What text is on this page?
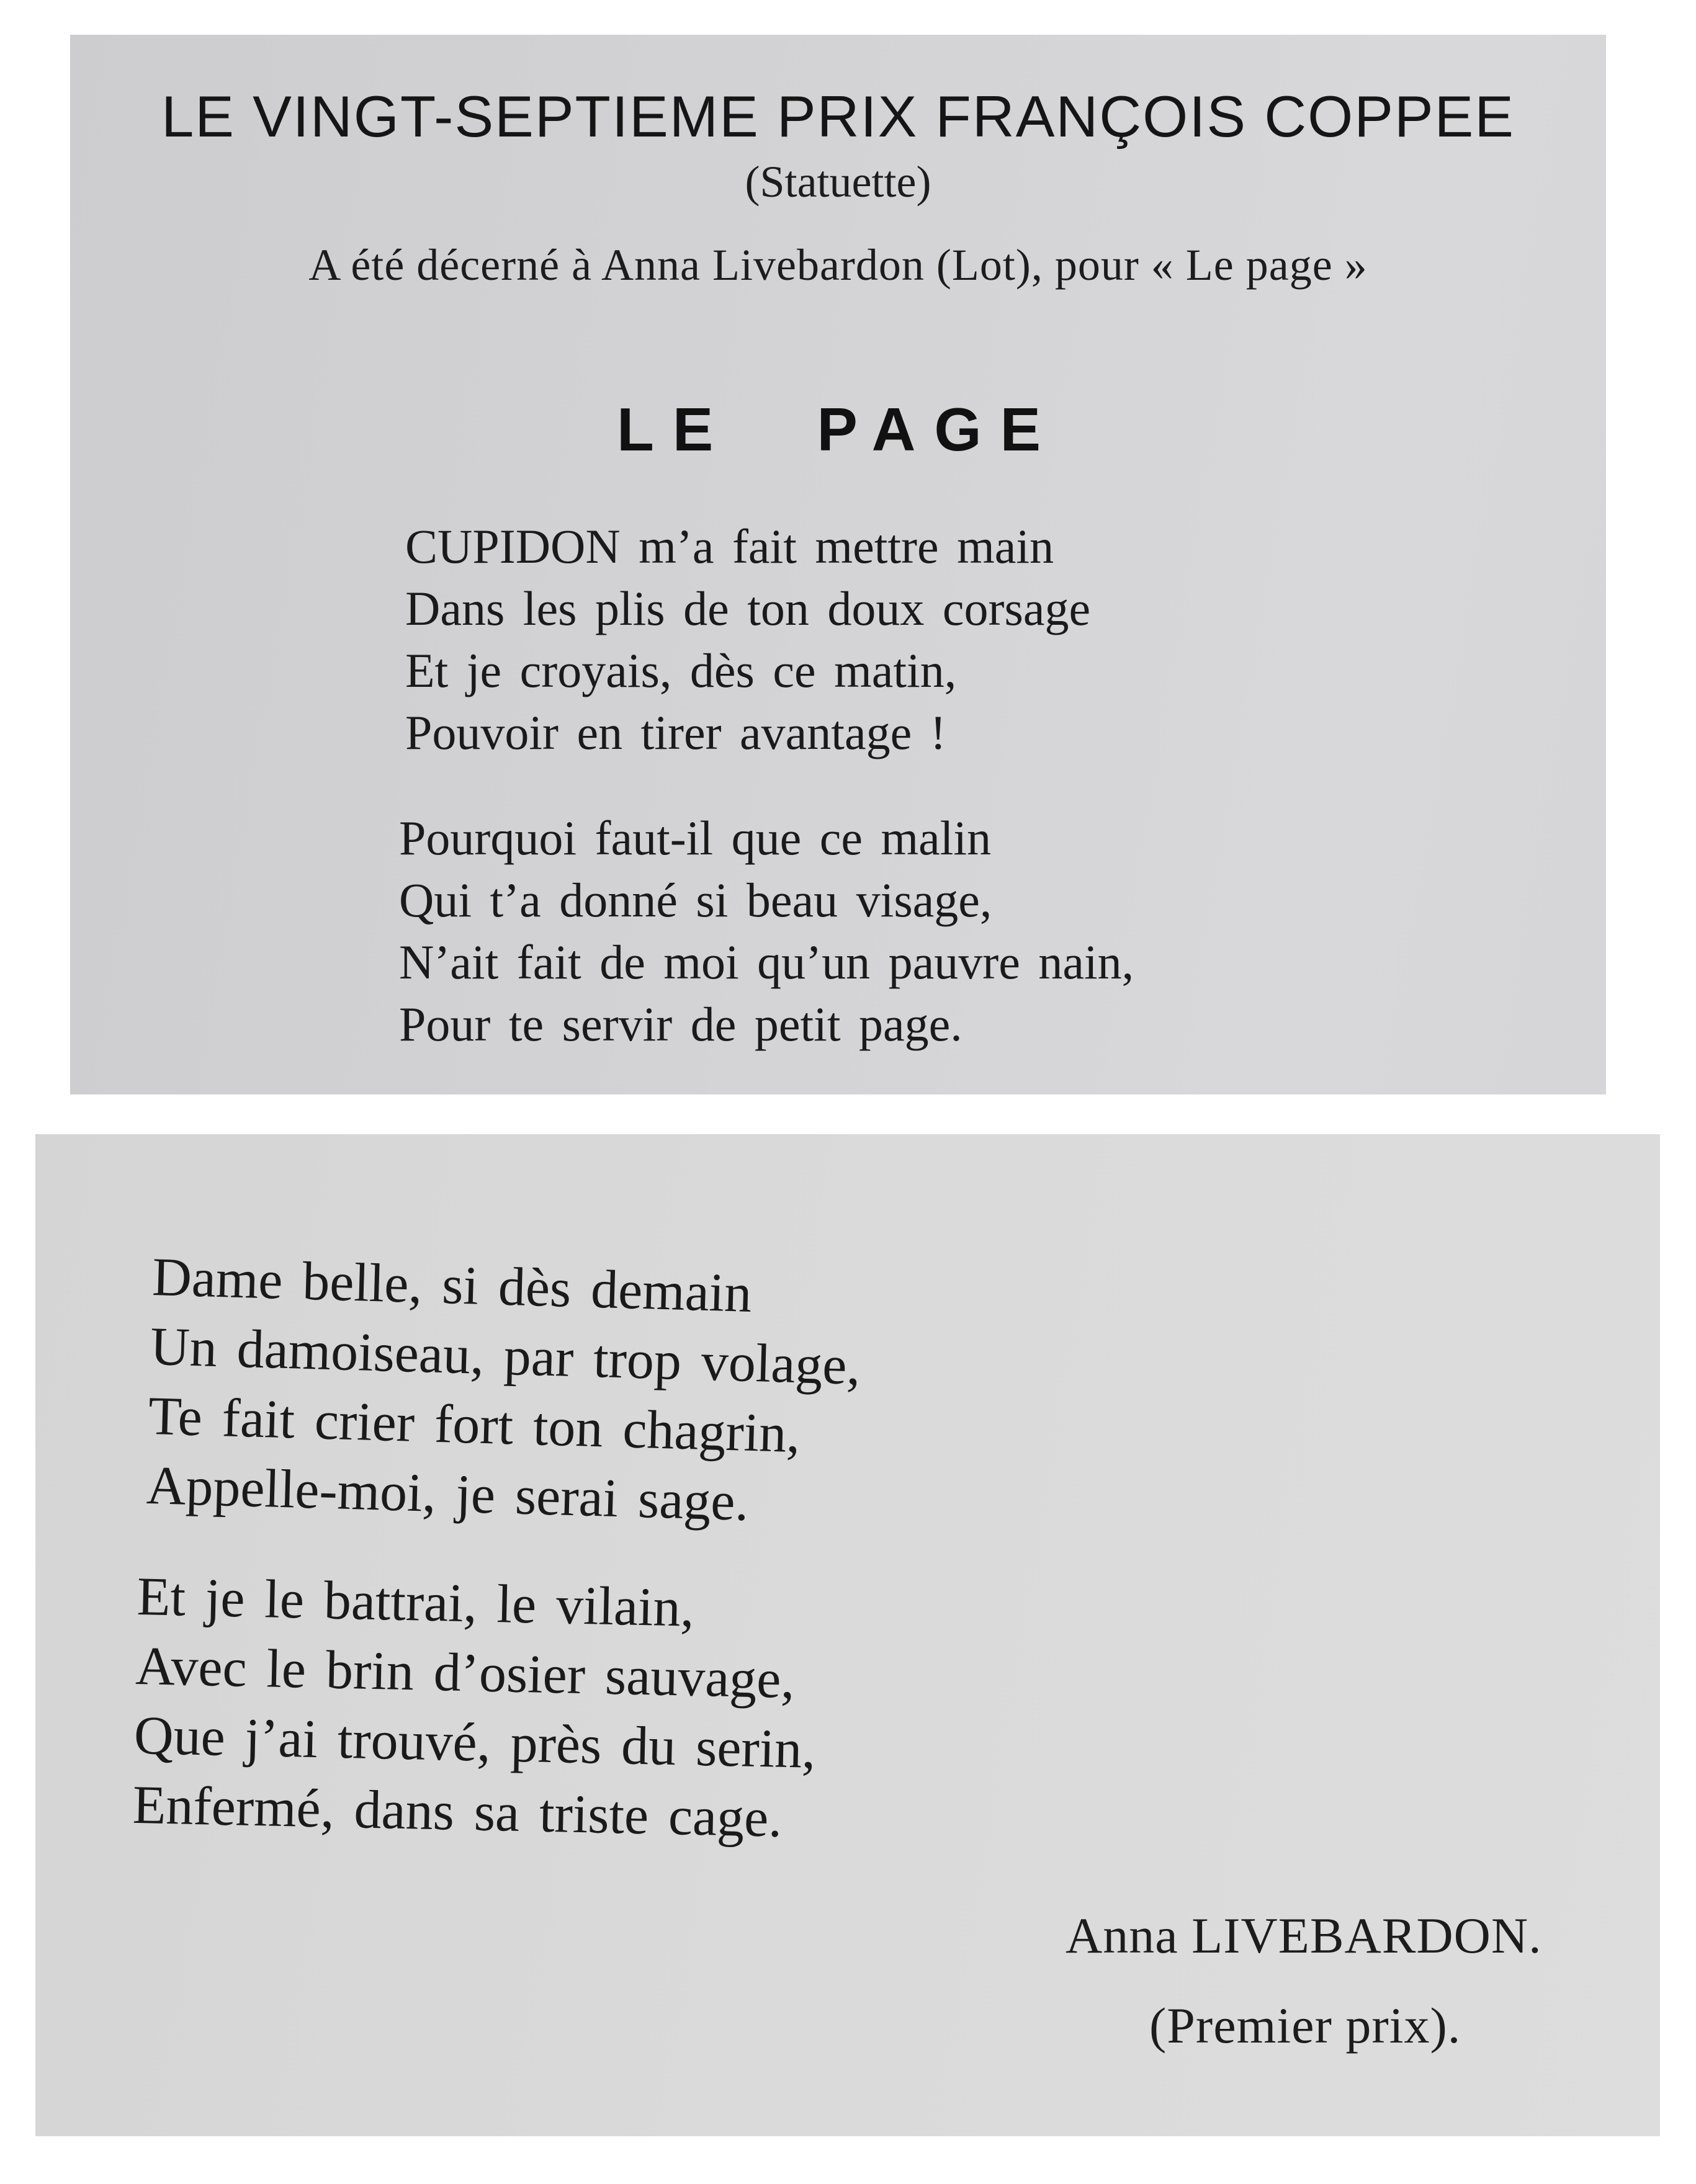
LE VINGT-SEPTIEME PRIX FRANÇOIS COPPEE
(Statuette)
A été décerné à Anna Livebardon (Lot), pour « Le page »
LE PAGE
CUPIDON m’a fait mettre main
Dans les plis de ton doux corsage
Et je croyais, dès ce matin,
Pouvoir en tirer avantage !
Pourquoi faut-il que ce malin
Qui t’a donné si beau visage,
N’ait fait de moi qu’un pauvre nain,
Pour te servir de petit page.
Dame belle, si dès demain
Un damoiseau, par trop volage,
Te fait crier fort ton chagrin,
Appelle-moi, je serai sage.
Et je le battrai, le vilain,
Avec le brin d’osier sauvage,
Que j’ai trouvé, près du serin,
Enfermé, dans sa triste cage.
Anna LIVEBARDON.
(Premier prix).
